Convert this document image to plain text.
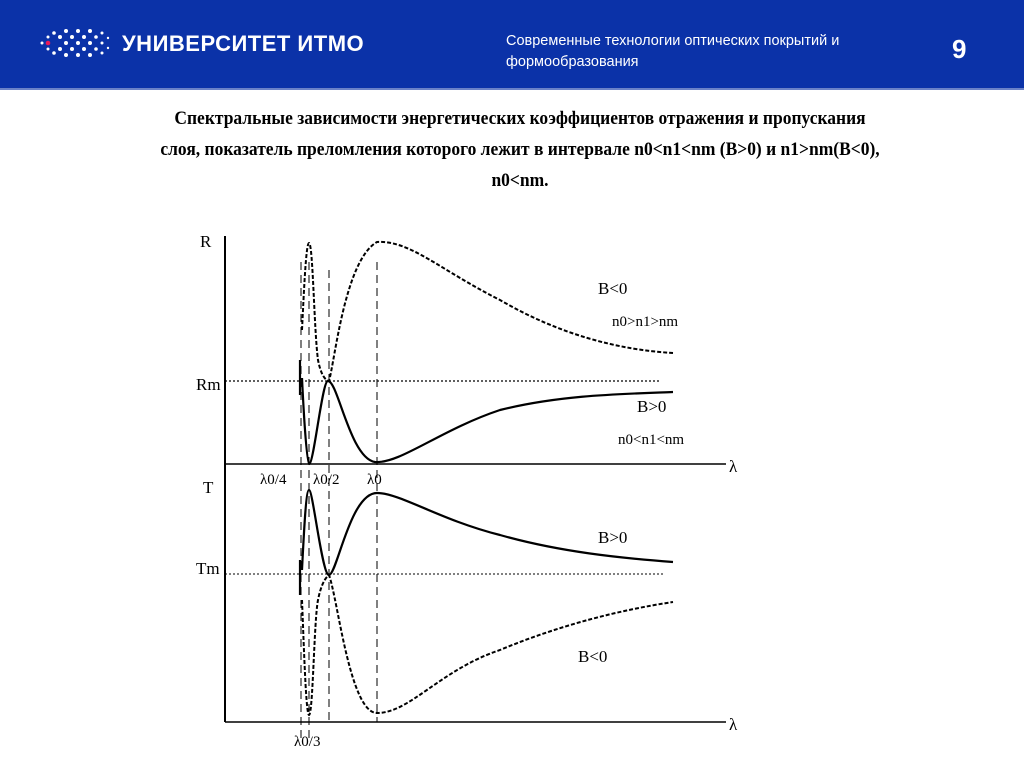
УНИВЕРСИТЕТ ИТМО	Современные технологии оптических покрытий и формообразования	9
Спектральные зависимости энергетических коэффициентов отражения и пропускания
слоя, показатель преломления которого лежит в интервале n0<n1<nm (B>0) и n1>nm(B<0),
n0<nm.
R
Rm
T
Tm
λ
λ
λ0/4 λ0/2 λ0
λ0/3
B<0
n0>n1>nm
B>0
n0<n1<nm
B>0
B<0
